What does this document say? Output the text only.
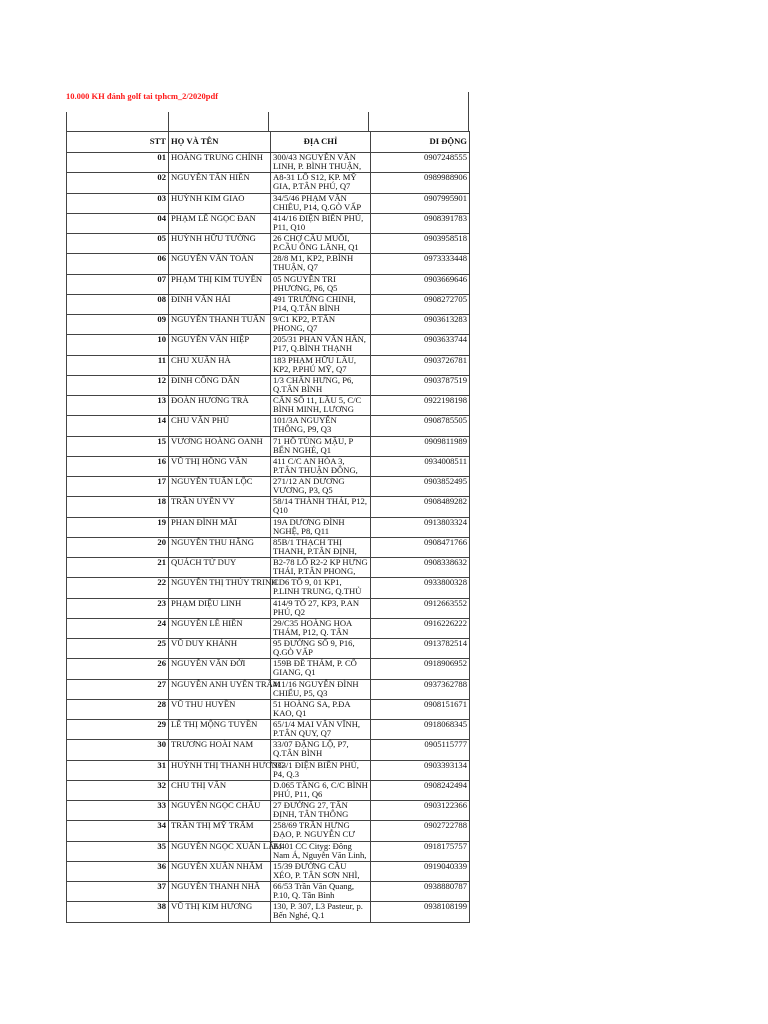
10.000 KH đánh golf tai tphcm_2/2020pdf
STT	HỌ VÀ TÊN	ĐỊA CHỈ	DI ĐỘNG
01	HOÀNG TRUNG CHÍNH	300/43 NGUYỄN VĂN LINH, P. BÌNH THUẬN,	0907248555
02	NGUYỄN TẤN HIỀN	A8-31 LÔ S12, KP. MỸ GIA, P.TÂN PHÚ, Q7	0989988906
03	HUỲNH KIM GIAO	34/5/46 PHẠM VĂN CHIÊU, P14, Q.GÒ VẤP	0907995901
04	PHẠM LÊ NGỌC ĐAN	414/16 ĐIỆN BIÊN PHỦ, P11, Q10	0908391783
05	HUỲNH HỮU TƯỜNG	26 CHỢ CẦU MUỐI, P.CẦU ÔNG LÃNH, Q1	0903958518
06	NGUYỄN VĂN TOÀN	28/8 M1, KP2, P.BÌNH THUẬN, Q7	0973333448
07	PHẠM THỊ KIM TUYẾN	05 NGUYỄN TRI PHƯƠNG, P6, Q5	0903669646
08	ĐINH VĂN HẢI	491 TRƯỜNG CHINH, P14, Q.TÂN BÌNH	0908272705
09	NGUYỄN THANH TUẤN	9/C1 KP2, P.TÂN PHONG, Q7	0903613283
10	NGUYỄN VĂN HIỆP	205/31 PHAN VĂN HÂN, P17, Q.BÌNH THẠNH	0903633744
11	CHU XUÂN HÀ	183 PHẠM HỮU LẦU, KP2, P.PHÚ MỸ, Q7	0903726781
12	ĐINH CÔNG DÂN	1/3 CHẤN HƯNG, P6, Q.TÂN BÌNH	0903787519
13	ĐOÀN HƯƠNG TRÀ	CĂN SỐ 11, LẦU 5, C/C BÌNH MINH, LƯƠNG	0922198198
14	CHU VĂN PHÚ	101/3A NGUYỄN THÔNG, P9, Q3	0908785505
15	VƯƠNG HOÀNG OANH	71 HỒ TÙNG MẬU, P BẾN NGHÉ, Q1	0909811989
16	VŨ THỊ HỒNG VÂN	411 C/C AN HÒA 3, P.TÂN THUẬN ĐÔNG,	0934008511
17	NGUYỄN TUẤN LỘC	271/12 AN DƯƠNG VƯƠNG, P3, Q5	0903852495
18	TRẦN UYÊN VY	58/14 THÀNH THÁI, P12, Q10	0908489282
19	PHAN ĐÌNH MÃI	19A DƯƠNG ĐÌNH NGHỆ, P8, Q11	0913803324
20	NGUYỄN THU HẰNG	85B/1 THẠCH THỊ THANH, P.TÂN ĐỊNH,	0908471766
21	QUÁCH TỬ DUY	B2-78 LÔ R2-2 KP HƯNG THÁI, P.TÂN PHONG,	0908338632
22	NGUYỄN THỊ THÚY TRINH	CD6 TỔ 9, 01 KP1, P.LINH TRUNG, Q.THỦ	0933800328
23	PHẠM DIỆU LINH	414/9 TỔ 27, KP3, P.AN PHÚ, Q2	0912663552
24	NGUYỄN LÊ HIỀN	29/C35 HOÀNG HOA THÁM, P12, Q. TÂN	0916226222
25	VŨ DUY KHÁNH	95 ĐƯỜNG SỐ 9, P16, Q.GÒ VẤP	0913782514
26	NGUYỄN VĂN ĐỜI	159B ĐỀ THÁM, P. CÔ GIANG, Q1	0918906952
27	NGUYỄN ANH UYÊN TRÂM	411/16 NGUYỄN ĐÌNH CHIỂU, P5, Q3	0937362788
28	VŨ THU HUYỀN	51 HOÀNG SA, P.ĐA KAO, Q1	0908151671
29	LÊ THỊ MỘNG TUYỀN	65/1/4 MAI VĂN VĨNH, P.TÂN QUY, Q7	0918068345
30	TRƯƠNG HOÀI NAM	33/07 ĐẶNG LỘ, P7, Q.TÂN BÌNH	0905115777
31	HUỲNH THỊ THANH HƯƠNG	333/1 ĐIỆN BIÊN PHỦ, P4, Q.3	0903393134
32	CHU THỊ VÂN	D.065 TẦNG 6, C/C BÌNH PHÚ, P11, Q6	0908242494
33	NGUYỄN NGỌC CHÂU	27 ĐƯỜNG 27, TÂN ĐỊNH, TÂN THÔNG	0903122366
34	TRẦN THỊ MỸ TRÂM	258/69 TRẦN HƯNG ĐẠO, P. NGUYỄN CƯ	0902722788
35	NGUYỄN NGỌC XUÂN LÂM	E.401 CC Cityg: Đông Nam Á, Nguyễn Văn Linh,	0918175757
36	NGUYỄN XUÂN NHÂM	15/39 ĐƯỜNG CẦU XÉO, P. TÂN SƠN NHÌ,	0919040339
37	NGUYỄN THANH NHÃ	66/53 Trần Văn Quang, P.10, Q. Tân Bình	0938880787
38	VŨ THỊ KIM HƯƠNG	130, P. 307, L3 Pasteur, p. Bến Nghé, Q.1	0938108199
